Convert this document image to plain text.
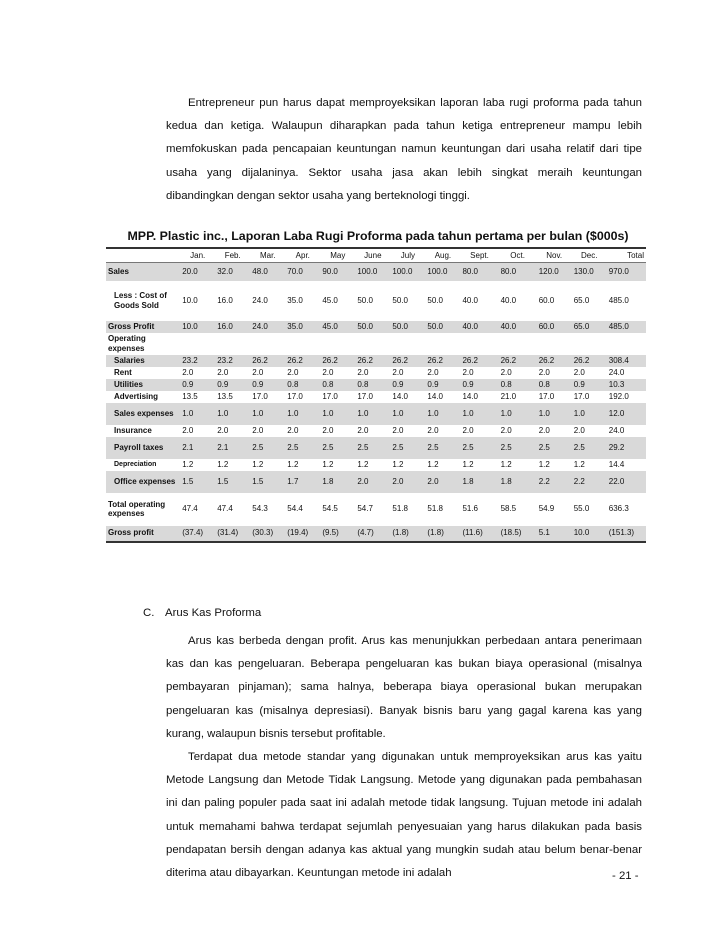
Entrepreneur pun harus dapat memproyeksikan laporan laba rugi proforma pada tahun kedua dan ketiga. Walaupun diharapkan pada tahun ketiga entrepreneur mampu lebih memfokuskan pada pencapaian keuntungan namun keuntungan dari usaha relatif dari tipe usaha yang dijalaninya. Sektor usaha jasa akan lebih singkat meraih keuntungan dibandingkan dengan sektor usaha yang berteknologi tinggi.
MPP. Plastic inc., Laporan Laba Rugi Proforma pada tahun pertama per bulan ($000s)
	Jan.	Feb.	Mar.	Apr.	May	June	July	Aug.	Sept.	Oct.	Nov.	Dec.	Total
Sales	20.0	32.0	48.0	70.0	90.0	100.0	100.0	100.0	80.0	80.0	120.0	130.0	970.0
Less : Cost of Goods Sold	10.0	16.0	24.0	35.0	45.0	50.0	50.0	50.0	40.0	40.0	60.0	65.0	485.0
Gross Profit	10.0	16.0	24.0	35.0	45.0	50.0	50.0	50.0	40.0	40.0	60.0	65.0	485.0
Operating expenses													
Salaries	23.2	23.2	26.2	26.2	26.2	26.2	26.2	26.2	26.2	26.2	26.2	26.2	308.4
Rent	2.0	2.0	2.0	2.0	2.0	2.0	2.0	2.0	2.0	2.0	2.0	2.0	24.0
Utilities	0.9	0.9	0.9	0.8	0.8	0.8	0.9	0.9	0.9	0.8	0.8	0.9	10.3
Advertising	13.5	13.5	17.0	17.0	17.0	17.0	14.0	14.0	14.0	21.0	17.0	17.0	192.0
Sales expenses	1.0	1.0	1.0	1.0	1.0	1.0	1.0	1.0	1.0	1.0	1.0	1.0	12.0
Insurance	2.0	2.0	2.0	2.0	2.0	2.0	2.0	2.0	2.0	2.0	2.0	2.0	24.0
Payroll taxes	2.1	2.1	2.5	2.5	2.5	2.5	2.5	2.5	2.5	2.5	2.5	2.5	29.2
Depreciation	1.2	1.2	1.2	1.2	1.2	1.2	1.2	1.2	1.2	1.2	1.2	1.2	14.4
Office expenses	1.5	1.5	1.5	1.7	1.8	2.0	2.0	2.0	1.8	1.8	2.2	2.2	22.0
Total operating expenses	47.4	47.4	54.3	54.4	54.5	54.7	51.8	51.8	51.6	58.5	54.9	55.0	636.3
Gross profit	(37.4)	(31.4)	(30.3)	(19.4)	(9.5)	(4.7)	(1.8)	(1.8)	(11.6)	(18.5)	5.1	10.0	(151.3)
C. Arus Kas Proforma
Arus kas berbeda dengan profit. Arus kas menunjukkan perbedaan antara penerimaan kas dan kas pengeluaran. Beberapa pengeluaran kas bukan biaya operasional (misalnya pembayaran pinjaman); sama halnya, beberapa biaya operasional bukan merupakan pengeluaran kas (misalnya depresiasi). Banyak bisnis baru yang gagal karena kas yang kurang, walaupun bisnis tersebut profitable.
Terdapat dua metode standar yang digunakan untuk memproyeksikan arus kas yaitu Metode Langsung dan Metode Tidak Langsung. Metode yang digunakan pada pembahasan ini dan paling populer pada saat ini adalah metode tidak langsung. Tujuan metode ini adalah untuk memahami bahwa terdapat sejumlah penyesuaian yang harus dilakukan pada basis pendapatan bersih dengan adanya kas aktual yang mungkin sudah atau belum benar-benar diterima atau dibayarkan. Keuntungan metode ini adalah	- 21 -
